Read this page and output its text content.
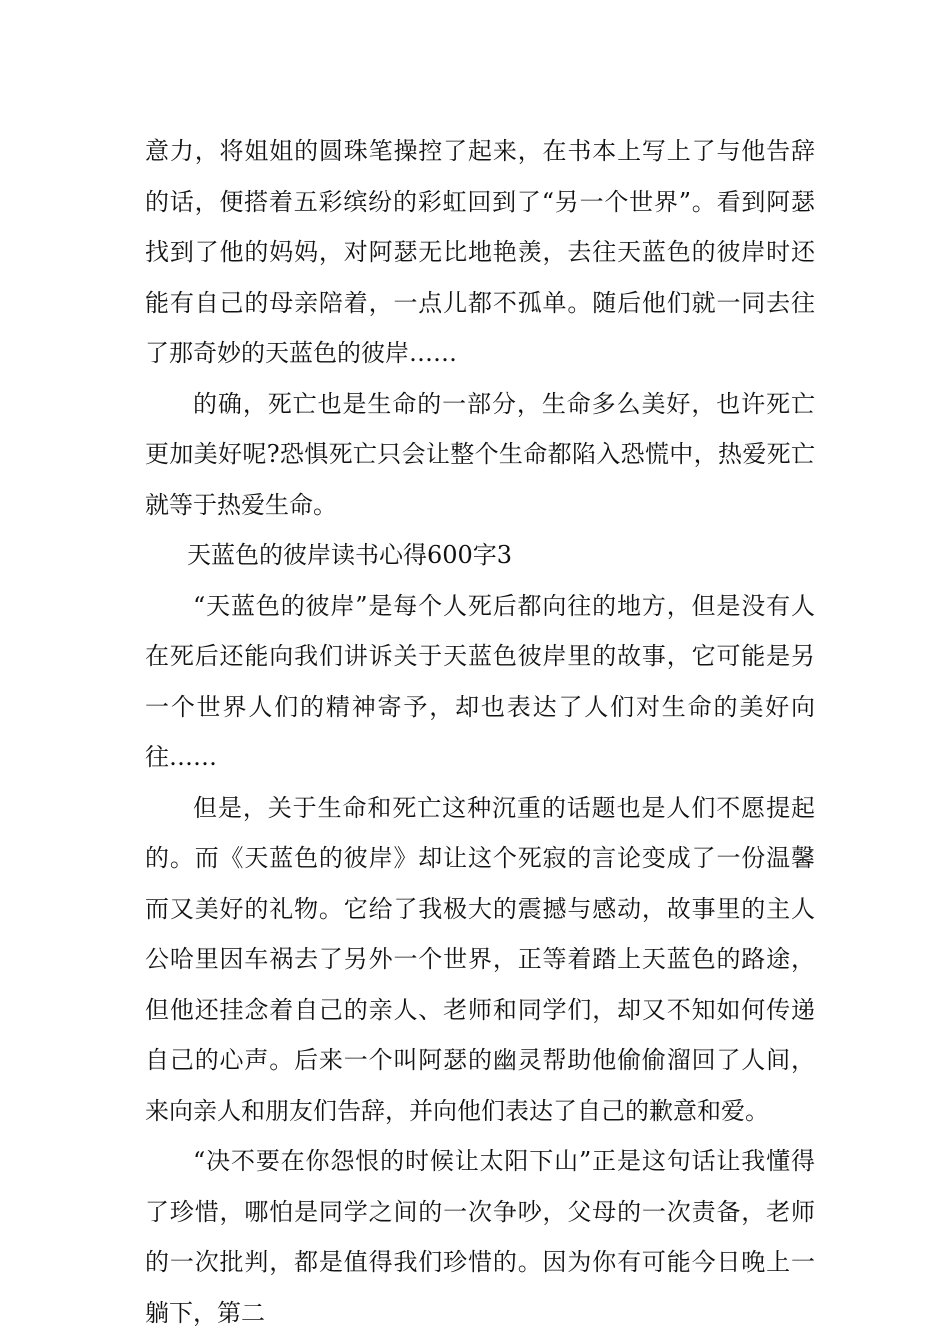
意力，将姐姐的圆珠笔操控了起来，在书本上写上了与他告辞的话，便搭着五彩缤纷的彩虹回到了“另一个世界”。看到阿瑟找到了他的妈妈，对阿瑟无比地艳羡，去往天蓝色的彼岸时还能有自己的母亲陪着，一点儿都不孤单。随后他们就一同去往了那奇妙的天蓝色的彼岸……

的确，死亡也是生命的一部分，生命多么美好，也许死亡更加美好呢?恐惧死亡只会让整个生命都陷入恐慌中，热爱死亡就等于热爱生命。

天蓝色的彼岸读书心得600字3

“天蓝色的彼岸”是每个人死后都向往的地方，但是没有人在死后还能向我们讲诉关于天蓝色彼岸里的故事，它可能是另一个世界人们的精神寄予，却也表达了人们对生命的美好向往……

但是，关于生命和死亡这种沉重的话题也是人们不愿提起的。而《天蓝色的彼岸》却让这个死寂的言论变成了一份温馨而又美好的礼物。它给了我极大的震撼与感动，故事里的主人公哈里因车祸去了另外一个世界，正等着踏上天蓝色的路途，但他还挂念着自己的亲人、老师和同学们，却又不知如何传递自己的心声。后来一个叫阿瑟的幽灵帮助他偷偷溜回了人间，来向亲人和朋友们告辞，并向他们表达了自己的歉意和爱。

“决不要在你怨恨的时候让太阳下山”正是这句话让我懂得了珍惜，哪怕是同学之间的一次争吵，父母的一次责备，老师的一次批判，都是值得我们珍惜的。因为你有可能今日晚上一躺下，第二
